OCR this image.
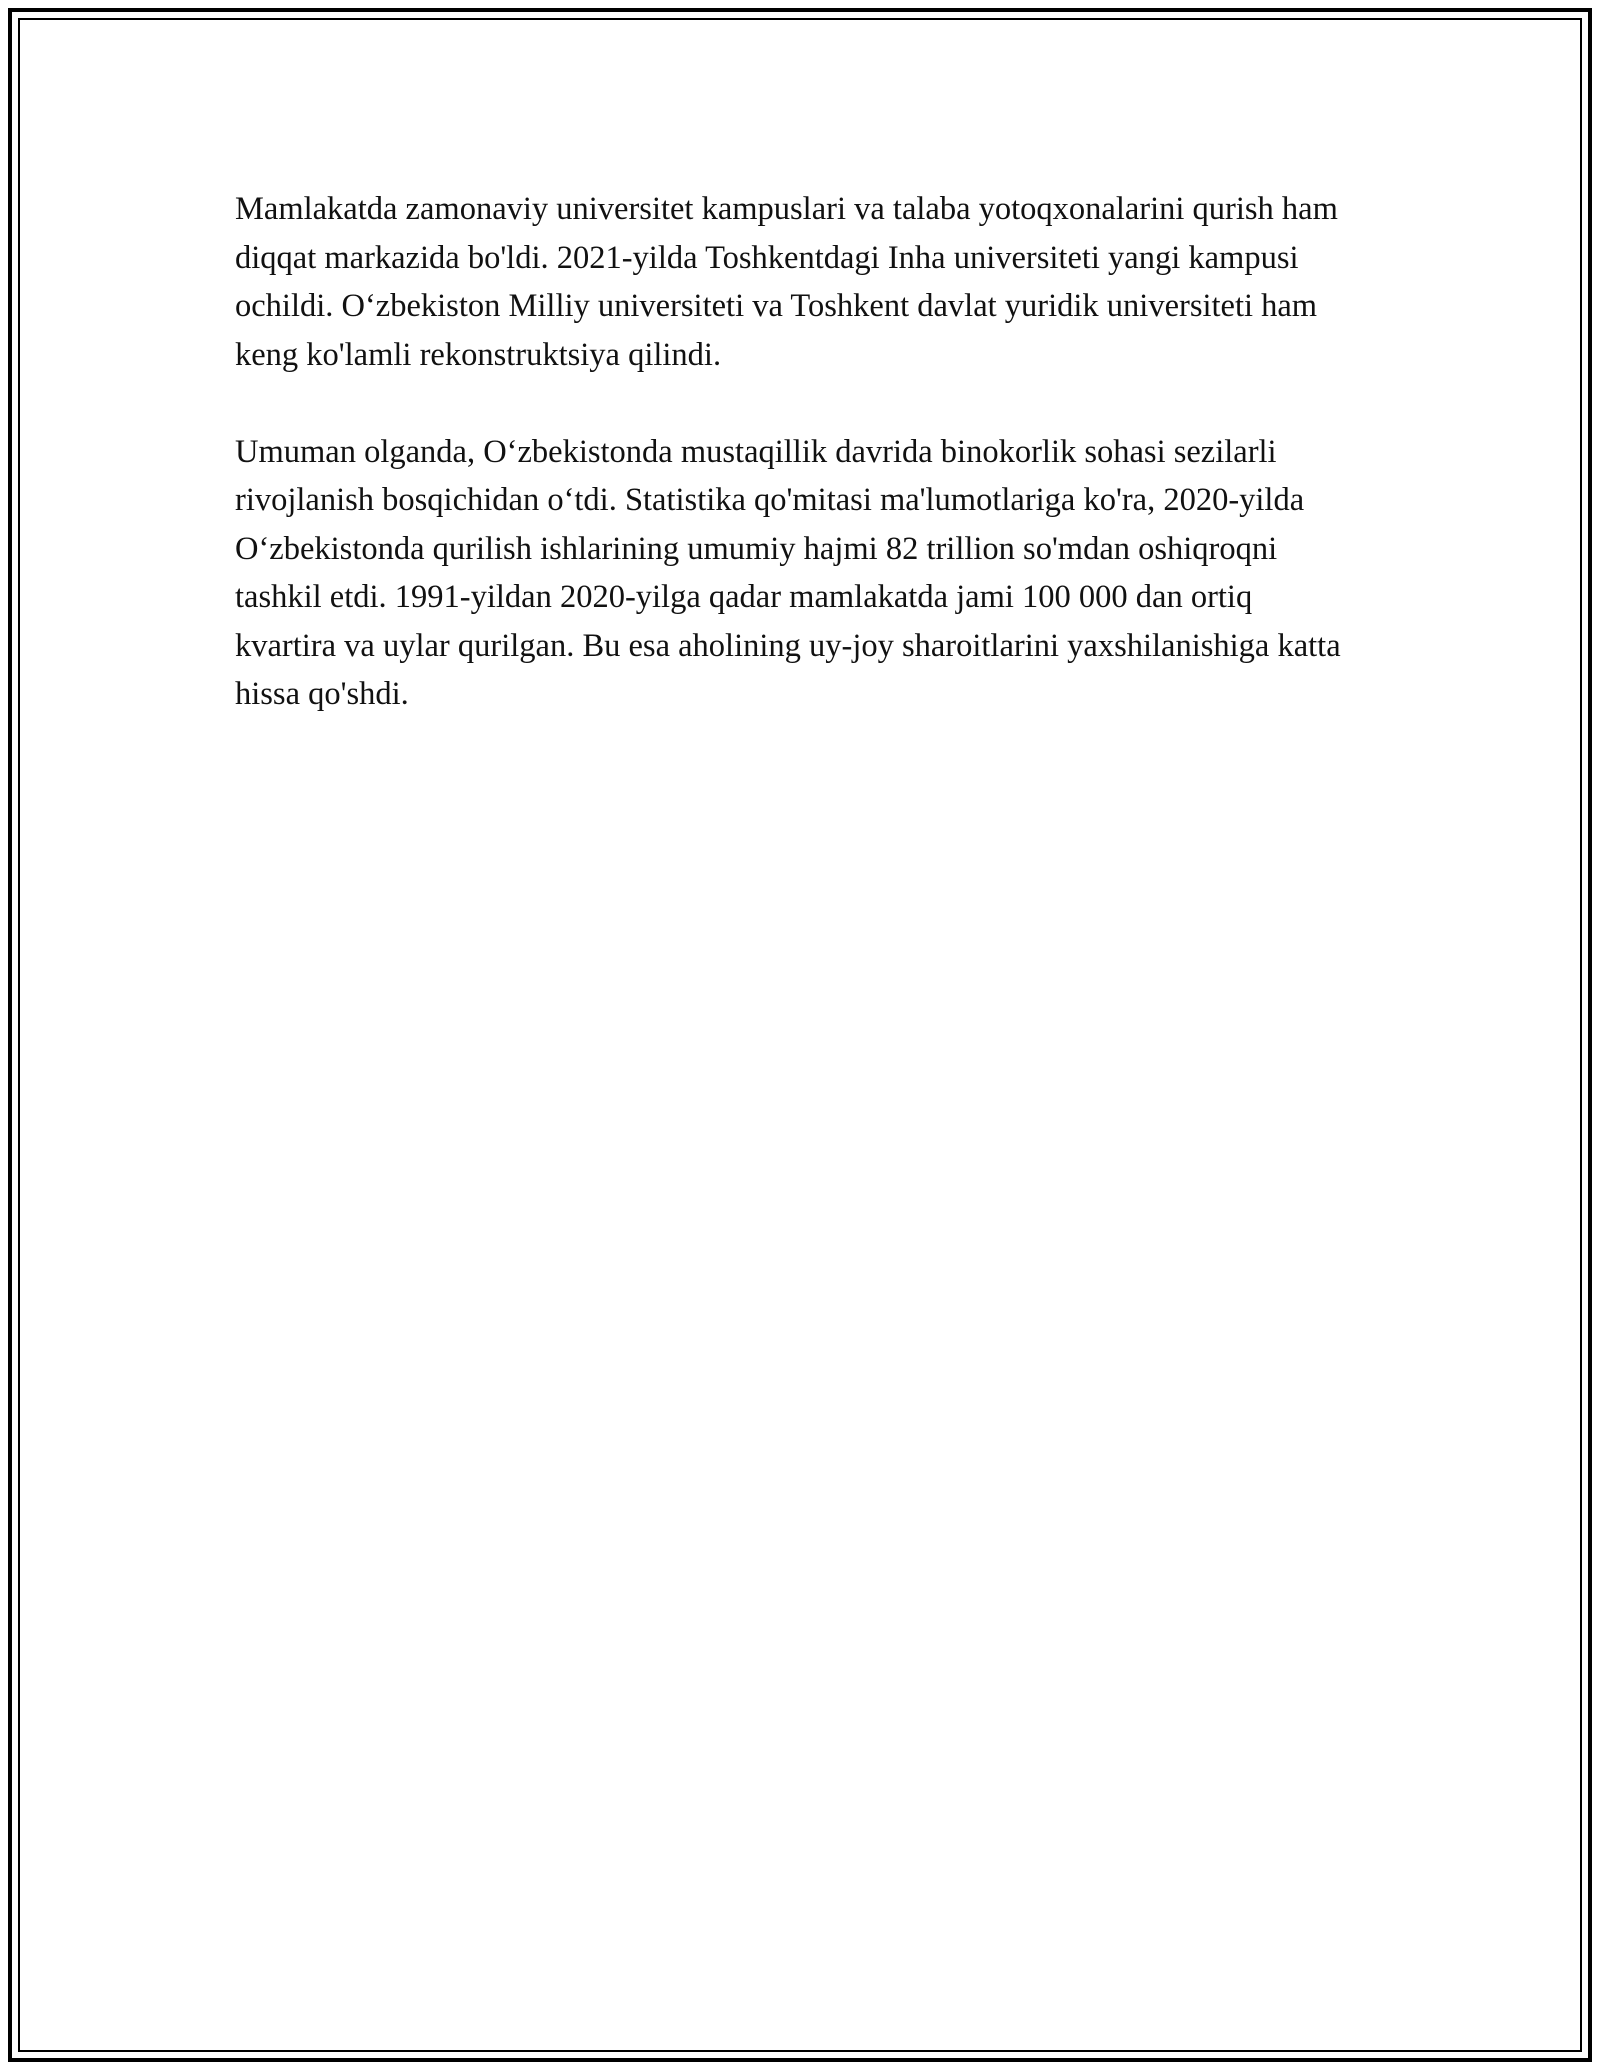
Mamlakatda zamonaviy universitet kampuslari va talaba yotoqxonalarini qurish ham diqqat markazida bo'ldi. 2021-yilda Toshkentdagi Inha universiteti yangi kampusi ochildi. O‘zbekiston Milliy universiteti va Toshkent davlat yuridik universiteti ham keng ko'lamli rekonstruktsiya qilindi.

Umuman olganda, O‘zbekistonda mustaqillik davrida binokorlik sohasi sezilarli rivojlanish bosqichidan o‘tdi. Statistika qo'mitasi ma'lumotlariga ko'ra, 2020-yilda O‘zbekistonda qurilish ishlarining umumiy hajmi 82 trillion so'mdan oshiqroqni tashkil etdi. 1991-yildan 2020-yilga qadar mamlakatda jami 100 000 dan ortiq kvartira va uylar qurilgan. Bu esa aholining uy-joy sharoitlarini yaxshilanishiga katta hissa qo'shdi.
